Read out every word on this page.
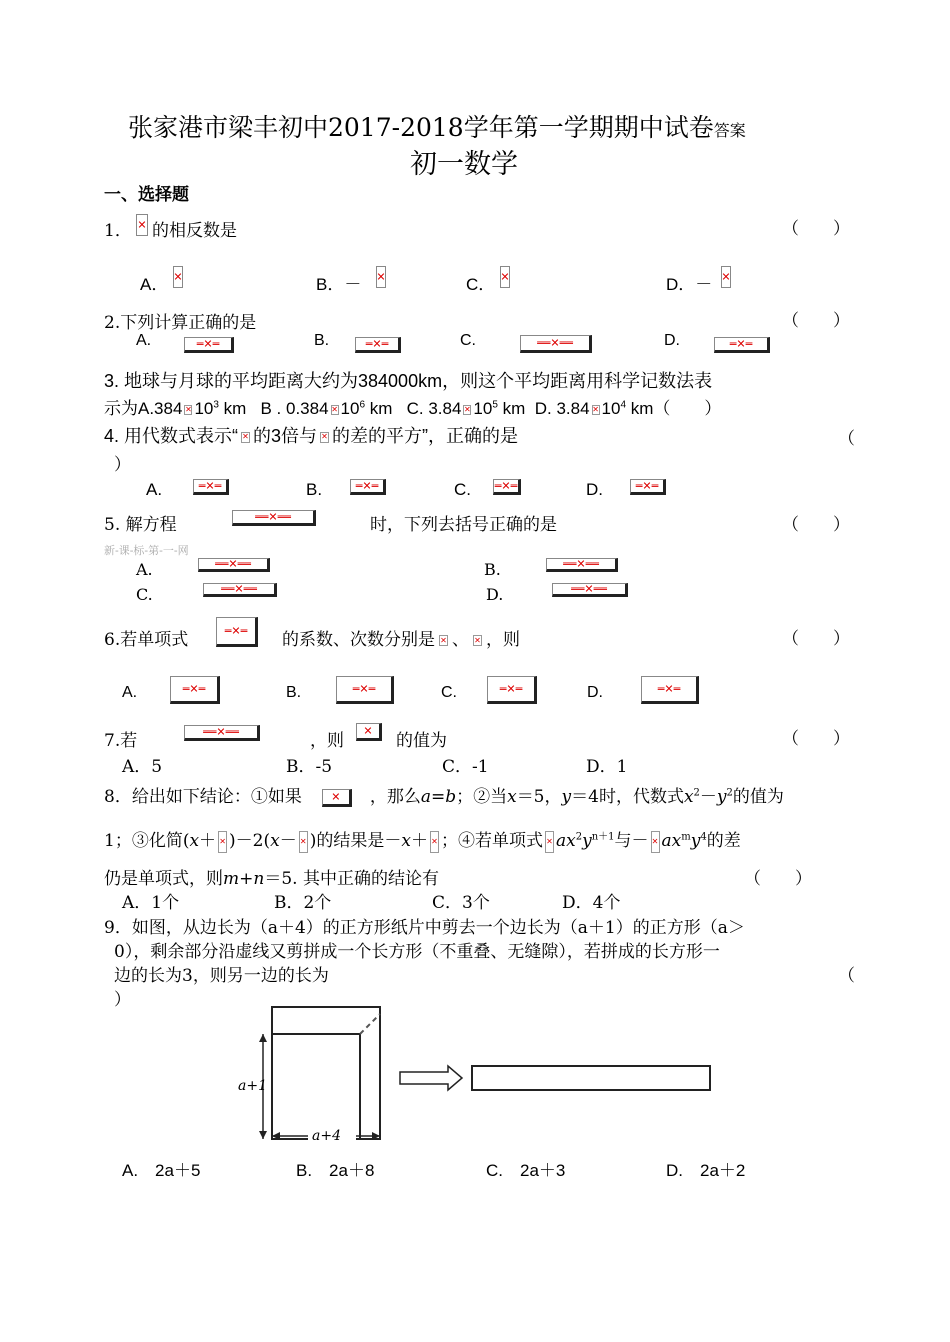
张家港市梁丰初中2017-2018学年第一学期期中试卷答案
初一数学
一、选择题
1． ✕ 的相反数是	（　　）
A． ✕	B．－ ✕	C． ✕	D．－ ✕
2.下列计算正确的是	（　　）
A.	═✕═	B.	═✕═	C.	══✕══	D.	═✕═
3. 地球与月球的平均距离大约为384000km，则这个平均距离用科学记数法表
示为A.384 ✕ $10^3$ km B . 0.384 ✕ $10^6$ km C. 3.84 ✕ $10^5$ km D. 3.84 ✕ $10^4$ km（　　）
4. 用代数式表示“ ✕ 的3倍与 ✕ 的差的平方”，正确的是	（
）
A.	═✕═	B.	═✕═	C. ═✕═	D.	═✕═
5. 解方程	══✕══	时，下列去括号正确的是	（　　）
新-课-标-第-一-网
A.	══✕══	B.	══✕══
C.	══✕══	D.	══✕══
6.若单项式	═✕═ 的系数、次数分别是 ✕ 、 ✕ ，则	（　　）
A.	═✕═	B.	═✕═	C.	═✕═	D.	═✕═
7.若	══✕══	，则 ✕ 的值为	（　　）
A．5	B．-5	C．-1	D．1
8．给出如下结论：①如果	✕ ，那么a=b；②当x＝5，y＝4时，代数式$x^2-y^2$的值为
1；③化简(x＋ ✕ )－2(x－ ✕ )的结果是－x＋ ✕ ；④若单项式 ✕ $ax^2y^{n+1}$与－ ✕ $ax^my^4$的差
仍是单项式，则m+n＝5. 其中正确的结论有	（　　）
A．1个	B．2个	C．3个	D．4个
9．如图，从边长为（a＋4）的正方形纸片中剪去一个边长为（a＋1）的正方形（a＞
0），剩余部分沿虚线又剪拼成一个长方形（不重叠、无缝隙），若拼成的长方形一
边的长为3，则另一边的长为	（
）
a+1
a+4
A.　2a＋5	B.　2a＋8	C.　2a＋3	D.　2a＋2
